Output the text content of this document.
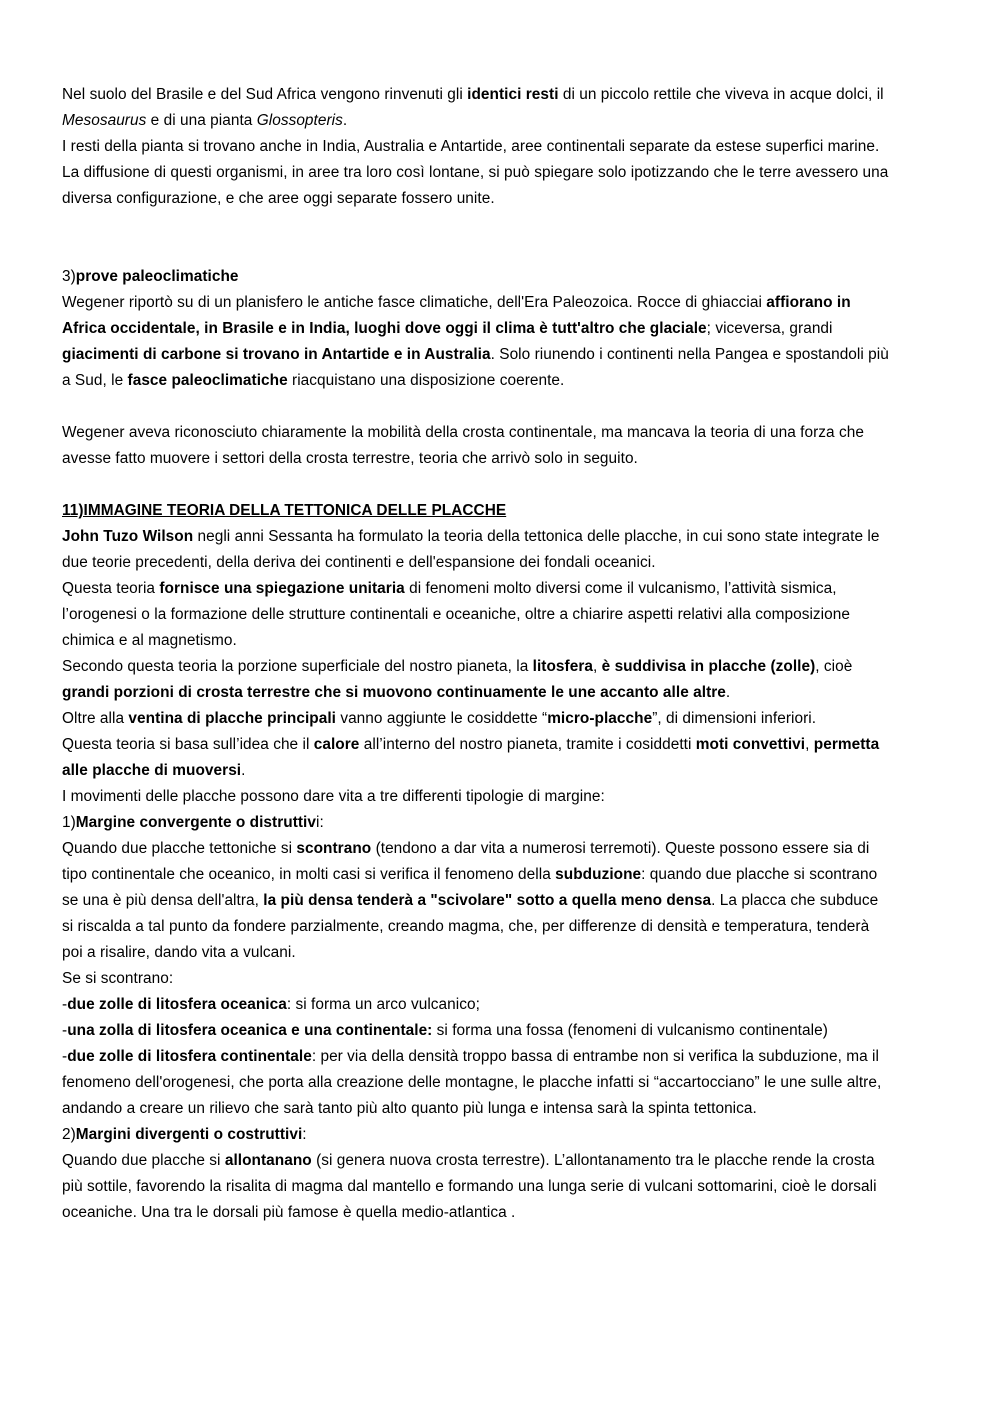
Nel suolo del Brasile e del Sud Africa vengono rinvenuti gli identici resti di un piccolo rettile che viveva in acque dolci, il Mesosaurus e di una pianta Glossopteris.

I resti della pianta si trovano anche in India, Australia e Antartide, aree continentali separate da estese superfici marine. La diffusione di questi organismi, in aree tra loro così lontane, si può spiegare solo ipotizzando che le terre avessero una diversa configurazione, e che aree oggi separate fossero unite.

3)prove paleoclimatiche

Wegener riportò su di un planisfero le antiche fasce climatiche, dell'Era Paleozoica. Rocce di ghiacciai affiorano in Africa occidentale, in Brasile e in India, luoghi dove oggi il clima è tutt'altro che glaciale; viceversa, grandi giacimenti di carbone si trovano in Antartide e in Australia. Solo riunendo i continenti nella Pangea e spostandoli più a Sud, le fasce paleoclimatiche riacquistano una disposizione coerente.

Wegener aveva riconosciuto chiaramente la mobilità della crosta continentale, ma mancava la teoria di una forza che avesse fatto muovere i settori della crosta terrestre, teoria che arrivò solo in seguito.

11)IMMAGINE TEORIA DELLA TETTONICA DELLE PLACCHE

John Tuzo Wilson negli anni Sessanta ha formulato la teoria della tettonica delle placche, in cui sono state integrate le due teorie precedenti, della deriva dei continenti e dell'espansione dei fondali oceanici.

Questa teoria fornisce una spiegazione unitaria di fenomeni molto diversi come il vulcanismo, l’attività sismica, l’orogenesi o la formazione delle strutture continentali e oceaniche, oltre a chiarire aspetti relativi alla composizione chimica e al magnetismo.

Secondo questa teoria la porzione superficiale del nostro pianeta, la litosfera, è suddivisa in placche (zolle), cioè grandi porzioni di crosta terrestre che si muovono continuamente le une accanto alle altre.

Oltre alla ventina di placche principali vanno aggiunte le cosiddette “micro-placche”, di dimensioni inferiori.

Questa teoria si basa sull’idea che il calore all’interno del nostro pianeta, tramite i cosiddetti moti convettivi, permetta alle placche di muoversi.

I movimenti delle placche possono dare vita a tre differenti tipologie di margine:

1)Margine convergente o distruttivi:

Quando due placche tettoniche si scontrano (tendono a dar vita a numerosi terremoti). Queste possono essere sia di tipo continentale che oceanico, in molti casi si verifica il fenomeno della subduzione: quando due placche si scontrano se una è più densa dell'altra, la più densa tenderà a "scivolare" sotto a quella meno densa. La placca che subduce si riscalda a tal punto da fondere parzialmente, creando magma, che, per differenze di densità e temperatura, tenderà poi a risalire, dando vita a vulcani.

Se si scontrano:

-due zolle di litosfera oceanica: si forma un arco vulcanico;

-una zolla di litosfera oceanica e una continentale: si forma una fossa (fenomeni di vulcanismo continentale)

-due zolle di litosfera continentale: per via della densità troppo bassa di entrambe non si verifica la subduzione, ma il fenomeno dell'orogenesi, che porta alla creazione delle montagne, le placche infatti si “accartocciano” le une sulle altre, andando a creare un rilievo che sarà tanto più alto quanto più lunga e intensa sarà la spinta tettonica.

2)Margini divergenti o costruttivi:

Quando due placche si allontanano (si genera nuova crosta terrestre). L’allontanamento tra le placche rende la crosta più sottile, favorendo la risalita di magma dal mantello e formando una lunga serie di vulcani sottomarini, cioè le dorsali oceaniche. Una tra le dorsali più famose è quella medio-atlantica .
